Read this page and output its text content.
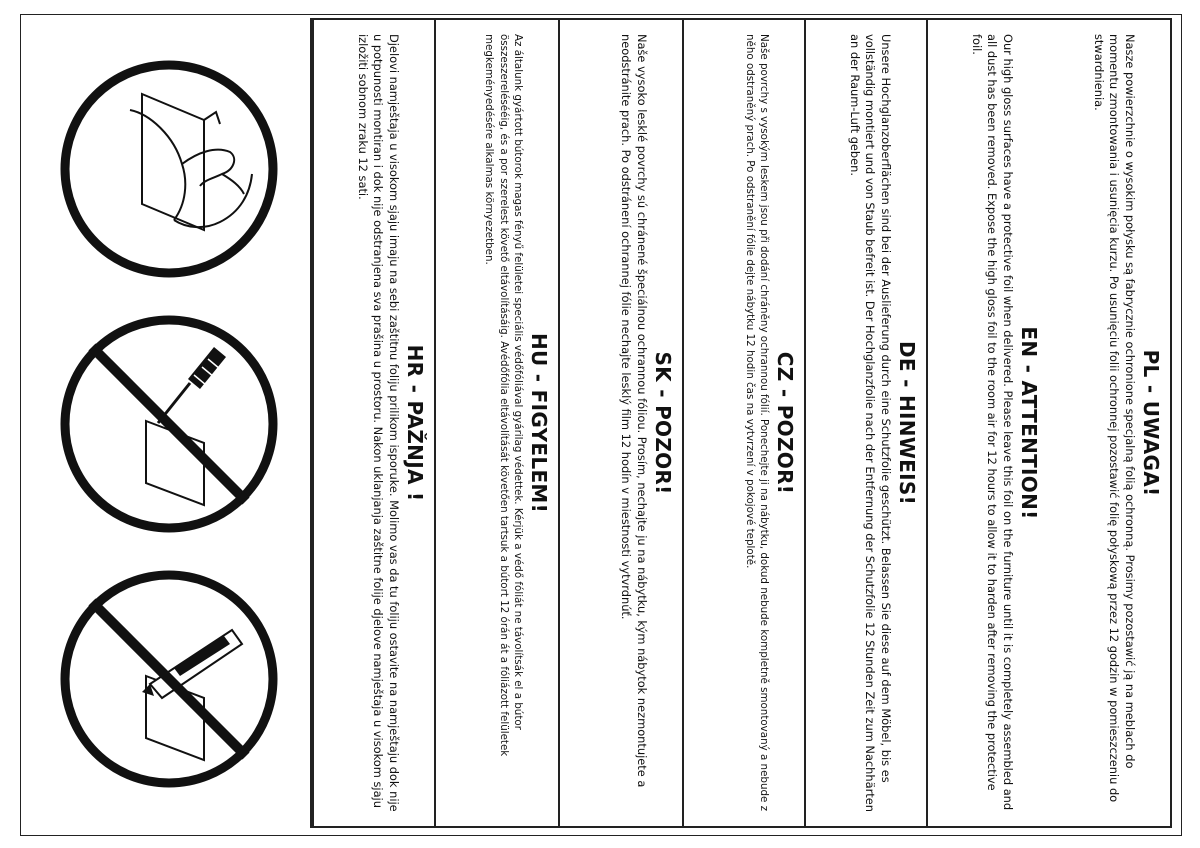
PL - UWAGA!

Nasze powierzchnie o wysokim połysku są fabrycznie ochronione specjalną folią ochronną. Prosimy pozostawić ją na meblach do momentu zmontowania i usunięcia kurzu. Po usunięciu folii ochronnej pozostawić folię połyskową przez 12 godzin w pomieszczeniu do stwardnienia.

EN - ATTENTION!

Our high gloss surfaces have a protective foil when delivered. Please leave this foil on the furniture until it is completely assembled and all dust has been removed. Expose the high gloss foil to the room air for 12 hours to allow it to harden after removing the protective foil.

DE - HINWEIS!

Unsere Hochglanzoberflächen sind bei der Auslieferung durch eine Schutzfolie geschützt. Belassen Sie diese auf dem Möbel, bis es vollständig montiert und von Staub befreit ist. Der Hochglanzfolie nach der Entfernung der Schutzfolie 12 Stunden Zeit zum Nachhärten an der Raum-Luft geben.

CZ - POZOR!

Naše povrchy s vysokým leskem jsou při dodání chráněny ochrannou fólií. Ponechejte ji na nábytku, dokud nebude kompletně smontovaný a nebude z něho odstraněný prach. Po odstranění fólie dejte nábytku 12 hodin čas na vytvrzení v pokojové teplotě.

SK - POZOR!

Naše vysoko lesklé povrchy sú chránené špeciálnou ochrannou fóliou. Prosím, nechajte ju na nábytku, kým nábytok nezmontujete a neodstránite prach. Po odstránení ochrannej fólie nechajte lesklý film 12 hodín v miestnosti vytvrdnúť.

HU - FIGYELEM!

Az általunk gyártott bútorok magas fényű felületei speciális védőfóliával gyárilag védettek. Kérjük a védő fóliát ne távolítsák el a bútor összeszerelésééig, és a por szerelest követő eltávolításáig. Avédőfólia eltávolítását követően tartsuk a bútort 12 órán át a fóliázott felületek megkeményedésére alkalmas környezetben.

HR - PAŽNJA !

Djelovi namještaja u visokom sjaju imaju na sebi zaštitnu foliju prilikom isporuke. Molimo vas da tu foliju ostavite na namještaju dok nije u potpunosti montiran i dok nije odstranjena sva prašina u prostoru. Nakon uklanjanja zaštitne folije djelove namještaja u visokom sjaju izložiti sobnom zraku 12 sati.
